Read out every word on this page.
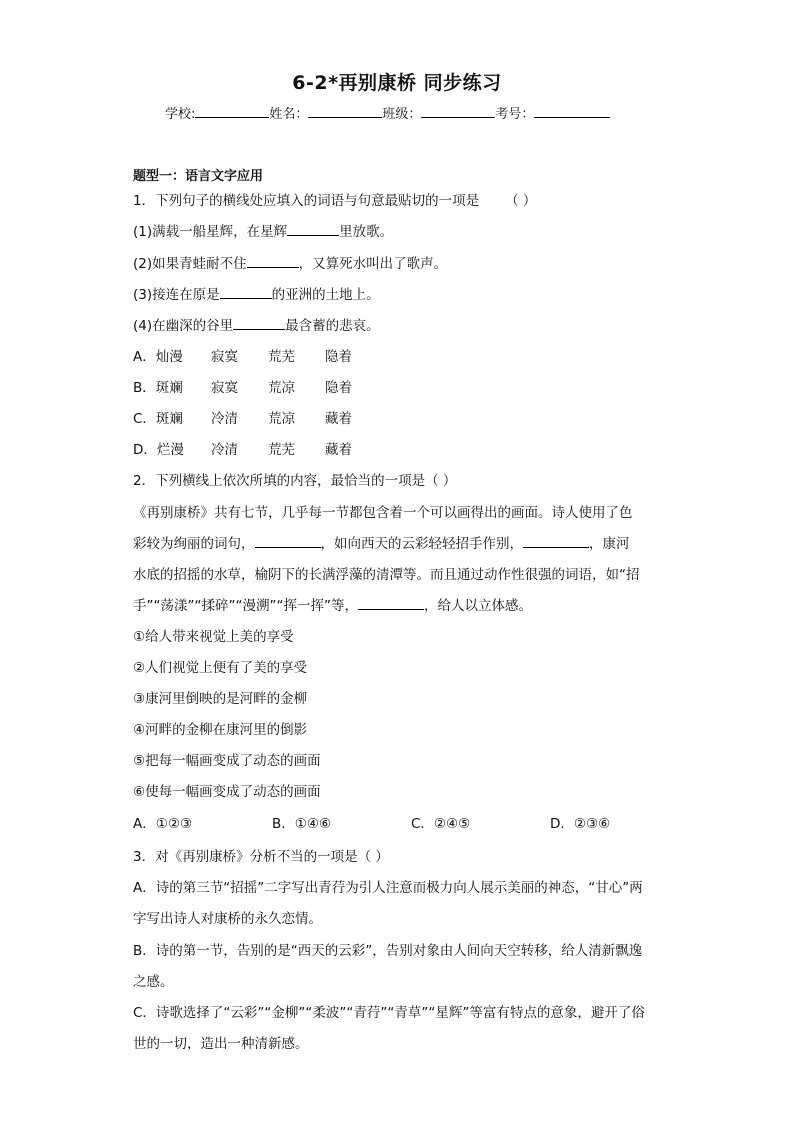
6-2*再别康桥 同步练习
学校:	姓名：	班级：	考号：
题型一：语言文字应用
1．下列句子的横线处应填入的词语与句意最贴切的一项是 （ ）
(1)满载一船星辉，在星辉	里放歌。
(2)如果青蛙耐不住	，又算死水叫出了歌声。
(3)接连在原是	的亚洲的土地上。
(4)在幽深的谷里	最含蓄的悲哀。
A．灿漫 寂寞 荒芜 隐着
B．斑斓 寂寞 荒凉 隐着
C．斑斓 冷清 荒凉 藏着
D．烂漫 冷清 荒芜 藏着
2．下列横线上依次所填的内容，最恰当的一项是（ ）
《再别康桥》共有七节，几乎每一节都包含着一个可以画得出的画面。诗人使用了色
彩较为绚丽的词句，	，如向西天的云彩轻轻招手作别，	，康河
水底的招摇的水草，榆阴下的长满浮藻的清潭等。而且通过动作性很强的词语，如“招
手”“荡漾”“揉碎”“漫溯”“挥一挥”等，	，给人以立体感。
①给人带来视觉上美的享受
②人们视觉上便有了美的享受
③康河里倒映的是河畔的金柳
④河畔的金柳在康河里的倒影
⑤把每一幅画变成了动态的画面
⑥使每一幅画变成了动态的画面
A．①②③	B．①④⑥	C．②④⑤	D．②③⑥
3．对《再别康桥》分析不当的一项是（ ）
A．诗的第三节“招摇”二字写出青荇为引人注意而极力向人展示美丽的神态，“甘心”两
字写出诗人对康桥的永久恋情。
B．诗的第一节，告别的是“西天的云彩”，告别对象由人间向天空转移，给人清新飘逸
之感。
C．诗歌选择了“云彩”“金柳”“柔波”“青荇”“青草”“星辉”等富有特点的意象，避开了俗
世的一切，造出一种清新感。
